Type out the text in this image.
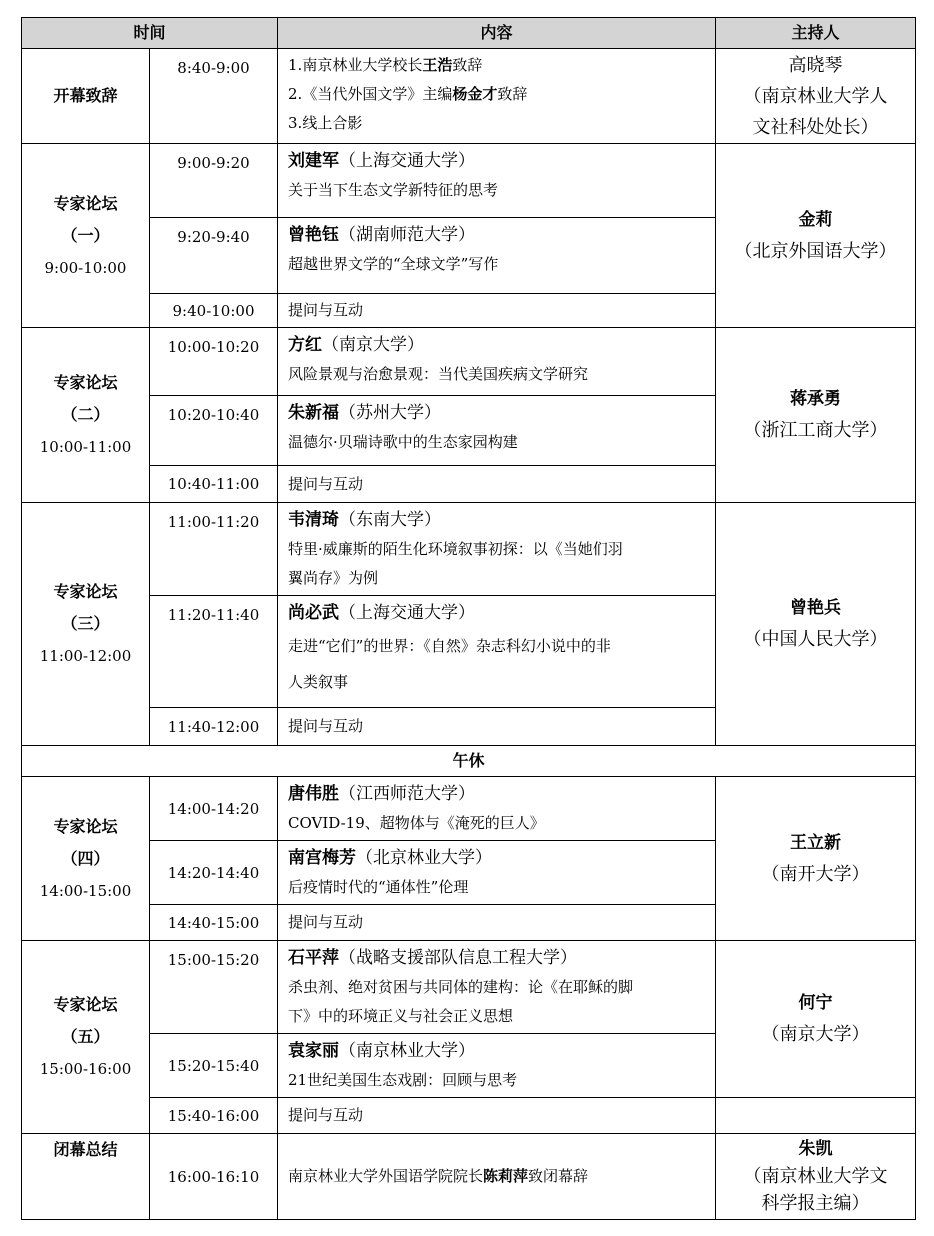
时间		内容	主持人

开幕致辞	8:40-9:00	1.南京林业大学校长王浩致辞
2.《当代外国文学》主编杨金才致辞
3.线上合影	高晓琴
（南京林业大学人
文社科处处长）

专家论坛
（一）
9:00-10:00	9:00-9:20	刘建军（上海交通大学）
关于当下生态文学新特征的思考	金莉
（北京外国语大学）

	9:20-9:40	曾艳钰（湖南师范大学）
超越世界文学的“全球文学”写作	

	9:40-10:00	提问与互动	

专家论坛
（二）
10:00-11:00	10:00-10:20	方红（南京大学）
风险景观与治愈景观：当代美国疾病文学研究	蒋承勇
（浙江工商大学）

	10:20-10:40	朱新福（苏州大学）
温德尔·贝瑞诗歌中的生态家园构建	

	10:40-11:00	提问与互动	

专家论坛
（三）
11:00-12:00	11:00-11:20	韦清琦（东南大学）
特里·威廉斯的陌生化环境叙事初探：以《当她们羽
翼尚存》为例	曾艳兵
（中国人民大学）

	11:20-11:40	尚必武（上海交通大学）
走进“它们”的世界：《自然》杂志科幻小说中的非
人类叙事	

	11:40-12:00	提问与互动	
午休			

专家论坛
（四）
14:00-15:00	14:00-14:20	唐伟胜（江西师范大学）
COVID-19、超物体与《淹死的巨人》	王立新
（南开大学）

	14:20-14:40	南宫梅芳（北京林业大学）
后疫情时代的“通体性”伦理	

	14:40-15:00	提问与互动	

专家论坛
（五）
15:00-16:00	15:00-15:20	石平萍（战略支援部队信息工程大学）
杀虫剂、绝对贫困与共同体的建构：论《在耶稣的脚
下》中的环境正义与社会正义思想	何宁
（南京大学）

	15:20-15:40	袁家丽（南京林业大学）
21世纪美国生态戏剧：回顾与思考	

	15:40-16:00	提问与互动	

闭幕总结	16:00-16:10	南京林业大学外国语学院院长陈莉萍致闭幕辞	朱凯
（南京林业大学文
科学报主编）
